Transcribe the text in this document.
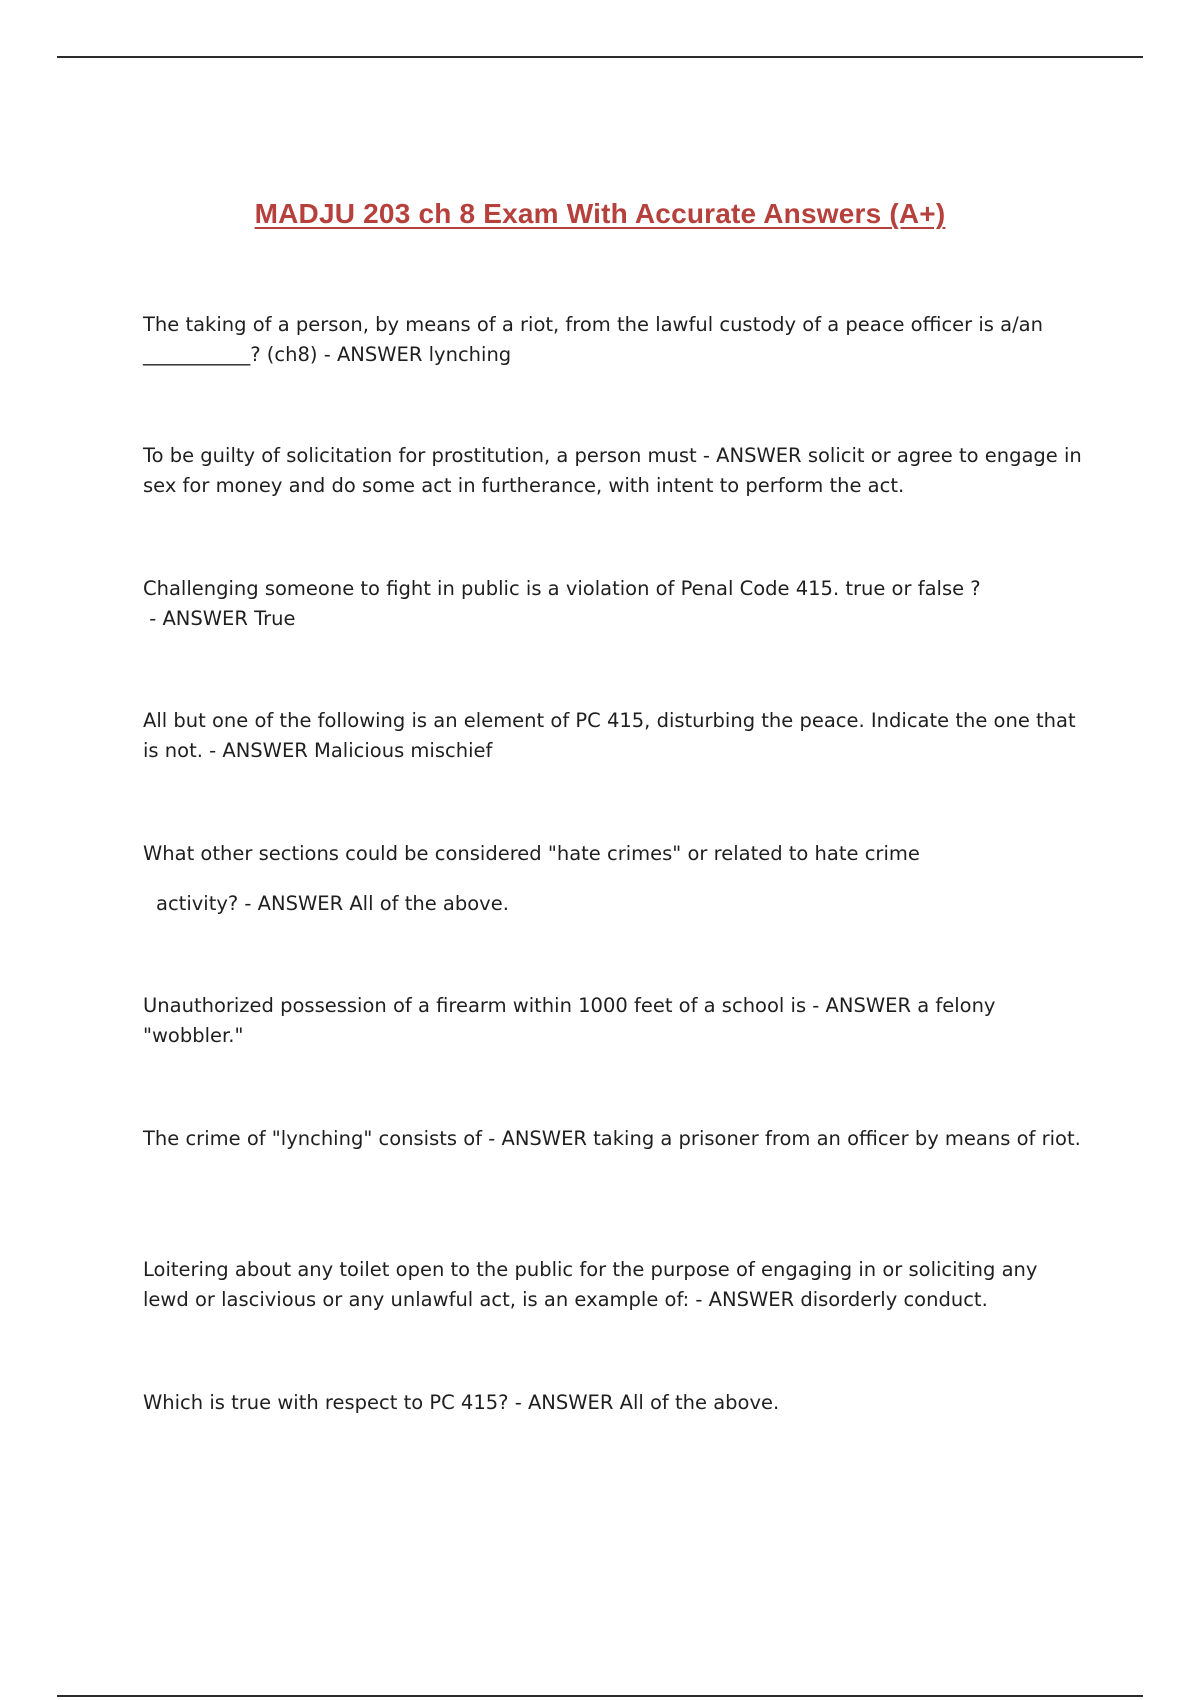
MADJU 203 ch 8 Exam With Accurate Answers (A+)

The taking of a person, by means of a riot, from the lawful custody of a peace officer is a/an ___________? (ch8) - ANSWER lynching

To be guilty of solicitation for prostitution, a person must - ANSWER solicit or agree to engage in sex for money and do some act in furtherance, with intent to perform the act.

Challenging someone to fight in public is a violation of Penal Code 415. true or false ? - ANSWER True

All but one of the following is an element of PC 415, disturbing the peace. Indicate the one that is not. - ANSWER Malicious mischief

What other sections could be considered "hate crimes" or related to hate crime

activity? - ANSWER All of the above.

Unauthorized possession of a firearm within 1000 feet of a school is - ANSWER a felony "wobbler."

The crime of "lynching" consists of - ANSWER taking a prisoner from an officer by means of riot.

Loitering about any toilet open to the public for the purpose of engaging in or soliciting any lewd or lascivious or any unlawful act, is an example of: - ANSWER disorderly conduct.

Which is true with respect to PC 415? - ANSWER All of the above.
